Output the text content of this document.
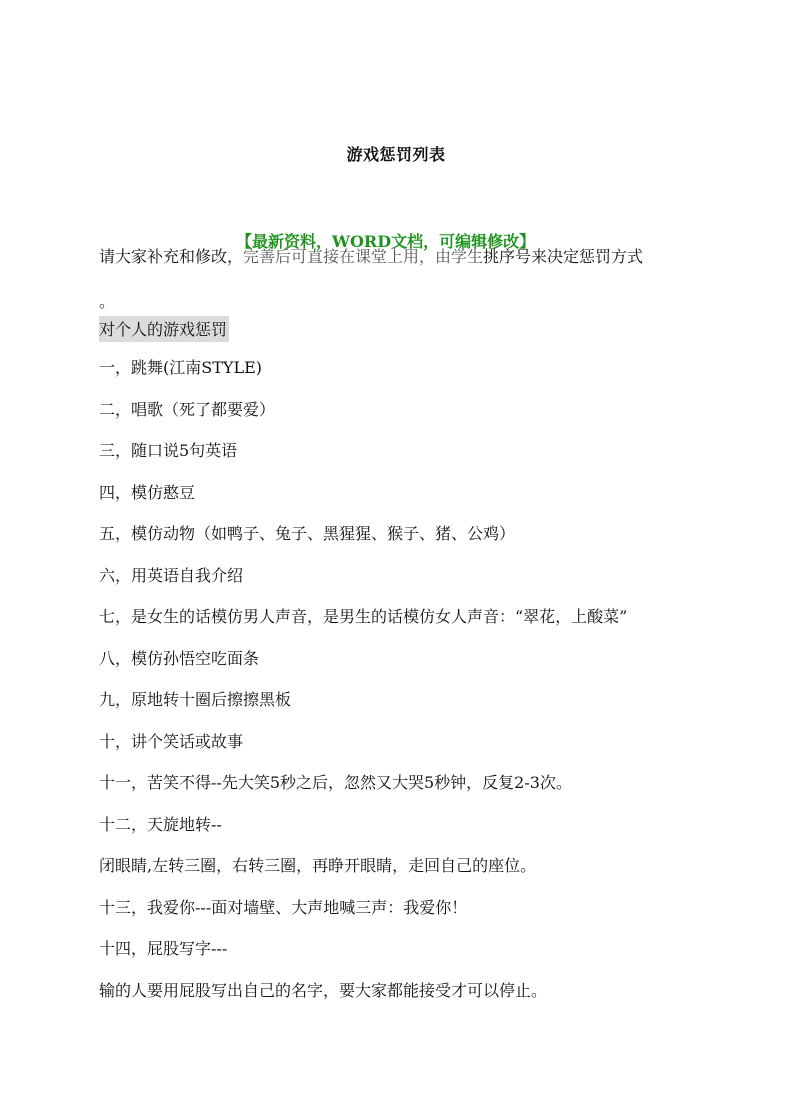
游戏惩罚列表
请大家补充和修改，完善后可直接在课堂上用，由学生挑序号来决定惩罚方式
。
【最新资料，WORD文档，可编辑修改】
对个人的游戏惩罚
一，跳舞(江南STYLE)
二，唱歌（死了都要爱）
三，随口说5句英语
四，模仿憨豆
五，模仿动物（如鸭子、兔子、黑猩猩、猴子、猪、公鸡）
六，用英语自我介绍
七，是女生的话模仿男人声音，是男生的话模仿女人声音：“翠花，上酸菜”
八，模仿孙悟空吃面条
九，原地转十圈后擦擦黑板
十，讲个笑话或故事
十一，苦笑不得--先大笑5秒之后，忽然又大哭5秒钟，反复2-3次。
十二，天旋地转--
闭眼睛,左转三圈，右转三圈，再睁开眼睛，走回自己的座位。
十三，我爱你---面对墙壁、大声地喊三声：我爱你！
十四，屁股写字---
输的人要用屁股写出自己的名字，要大家都能接受才可以停止。
